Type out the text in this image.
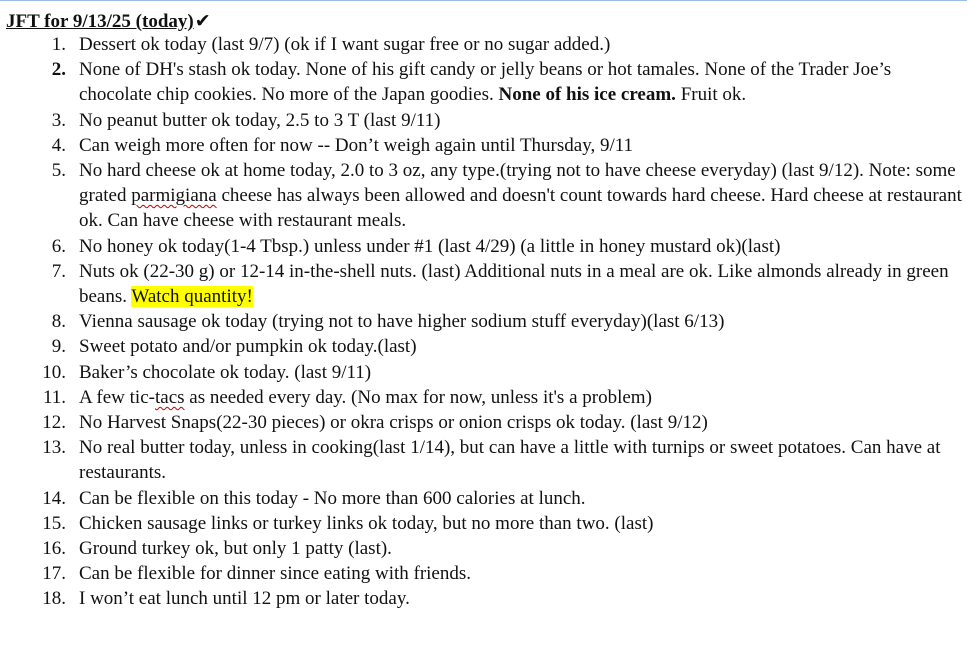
JFT for 9/13/25 (today)✔
1. Dessert ok today (last 9/7) (ok if I want sugar free or no sugar added.)
2. None of DH's stash ok today. None of his gift candy or jelly beans or hot tamales. None of the Trader Joe’s chocolate chip cookies. No more of the Japan goodies. None of his ice cream. Fruit ok.
3. No peanut butter ok today, 2.5 to 3 T (last 9/11)
4. Can weigh more often for now -- Don’t weigh again until Thursday, 9/11
5. No hard cheese ok at home today, 2.0 to 3 oz, any type.(trying not to have cheese everyday) (last 9/12). Note: some grated parmigiana cheese has always been allowed and doesn't count towards hard cheese. Hard cheese at restaurant ok. Can have cheese with restaurant meals.
6. No honey ok today(1-4 Tbsp.) unless under #1 (last 4/29) (a little in honey mustard ok)(last)
7. Nuts ok (22-30 g) or 12-14 in-the-shell nuts. (last) Additional nuts in a meal are ok. Like almonds already in green beans. Watch quantity!
8. Vienna sausage ok today (trying not to have higher sodium stuff everyday)(last 6/13)
9. Sweet potato and/or pumpkin ok today.(last)
10. Baker’s chocolate ok today. (last 9/11)
11. A few tic-tacs as needed every day. (No max for now, unless it's a problem)
12. No Harvest Snaps(22-30 pieces) or okra crisps or onion crisps ok today. (last 9/12)
13. No real butter today, unless in cooking(last 1/14), but can have a little with turnips or sweet potatoes. Can have at restaurants.
14. Can be flexible on this today - No more than 600 calories at lunch.
15. Chicken sausage links or turkey links ok today, but no more than two. (last)
16. Ground turkey ok, but only 1 patty (last).
17. Can be flexible for dinner since eating with friends.
18. I won’t eat lunch until 12 pm or later today.
